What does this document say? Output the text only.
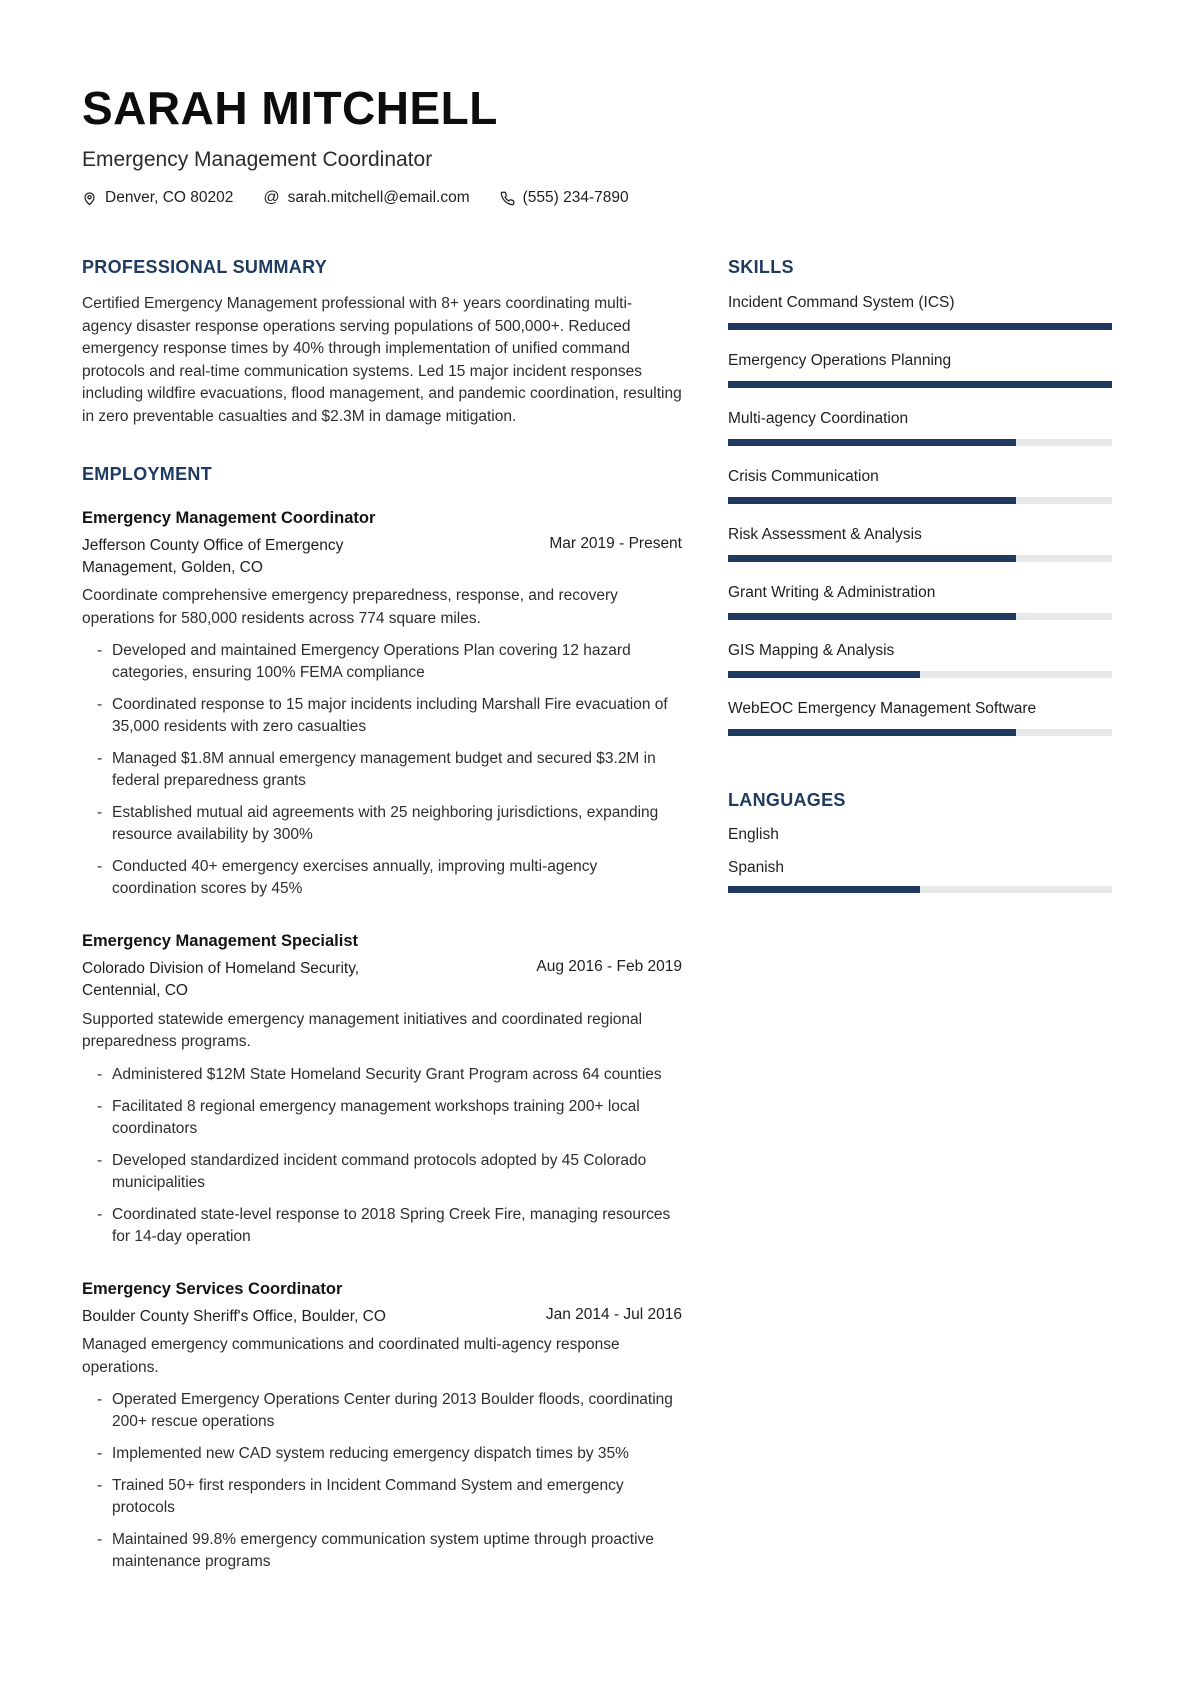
SARAH MITCHELL
Emergency Management Coordinator
Denver, CO 80202 @ sarah.mitchell@email.com	(555) 234-7890
PROFESSIONAL SUMMARY

Certified Emergency Management professional with 8+ years coordinating multi-agency disaster response operations serving populations of 500,000+. Reduced emergency response times by 40% through implementation of unified command protocols and real-time communication systems. Led 15 major incident responses including wildfire evacuations, flood management, and pandemic coordination, resulting in zero preventable casualties and $2.3M in damage mitigation.

EMPLOYMENT
Emergency Management Coordinator
Jefferson County Office of Emergency Management, Golden, CO
Mar 2019 - Present

Coordinate comprehensive emergency preparedness, response, and recovery operations for 580,000 residents across 774 square miles.

- Developed and maintained Emergency Operations Plan covering 12 hazard categories, ensuring 100% FEMA compliance
- Coordinated response to 15 major incidents including Marshall Fire evacuation of 35,000 residents with zero casualties
- Managed $1.8M annual emergency management budget and secured $3.2M in federal preparedness grants
- Established mutual aid agreements with 25 neighboring jurisdictions, expanding resource availability by 300%
- Conducted 40+ emergency exercises annually, improving multi-agency coordination scores by 45%
Emergency Management Specialist
Colorado Division of Homeland Security, Centennial, CO
Aug 2016 - Feb 2019

Supported statewide emergency management initiatives and coordinated regional preparedness programs.

- Administered $12M State Homeland Security Grant Program across 64 counties
- Facilitated 8 regional emergency management workshops training 200+ local coordinators
- Developed standardized incident command protocols adopted by 45 Colorado municipalities
- Coordinated state-level response to 2018 Spring Creek Fire, managing resources for 14-day operation
Emergency Services Coordinator
Boulder County Sheriff's Office, Boulder, CO	Jan 2014 - Jul 2016

Managed emergency communications and coordinated multi-agency response operations.

- Operated Emergency Operations Center during 2013 Boulder floods, coordinating 200+ rescue operations
- Implemented new CAD system reducing emergency dispatch times by 35%
- Trained 50+ first responders in Incident Command System and emergency protocols
- Maintained 99.8% emergency communication system uptime through proactive maintenance programs
SKILLS
Incident Command System (ICS)
Emergency Operations Planning
Multi-agency Coordination
Crisis Communication
Risk Assessment & Analysis
Grant Writing & Administration
GIS Mapping & Analysis
WebEOC Emergency Management Software
LANGUAGES
English
Spanish
